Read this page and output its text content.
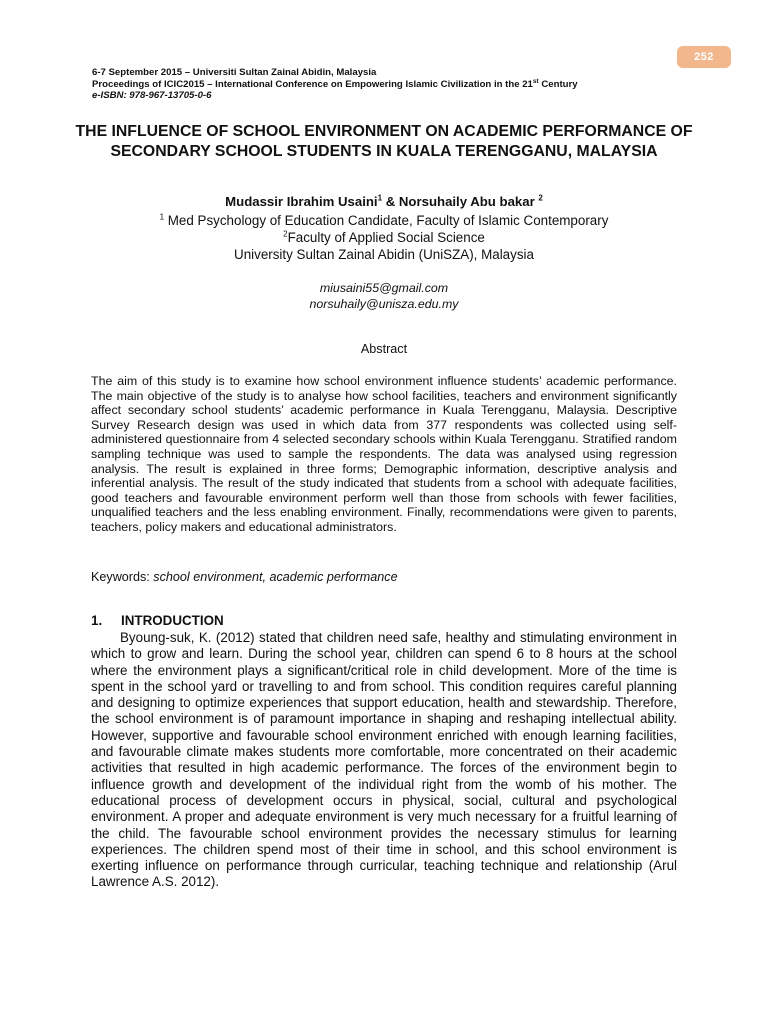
252
6-7 September 2015 – Universiti Sultan Zainal Abidin, Malaysia
Proceedings of ICIC2015 – International Conference on Empowering Islamic Civilization in the 21st Century
e-ISBN: 978-967-13705-0-6
THE INFLUENCE OF SCHOOL ENVIRONMENT ON ACADEMIC PERFORMANCE OF SECONDARY SCHOOL STUDENTS IN KUALA TERENGGANU, MALAYSIA
Mudassir Ibrahim Usaini$^1$ & Norsuhaily Abu bakar $^2$
$^1$ Med Psychology of Education Candidate, Faculty of Islamic Contemporary
$^2$Faculty of Applied Social Science
University Sultan Zainal Abidin (UniSZA), Malaysia
miusaini55@gmail.com
norsuhaily@unisza.edu.my
Abstract
The aim of this study is to examine how school environment influence students’ academic performance. The main objective of the study is to analyse how school facilities, teachers and environment significantly affect secondary school students’ academic performance in Kuala Terengganu, Malaysia. Descriptive Survey Research design was used in which data from 377 respondents was collected using self-administered questionnaire from 4 selected secondary schools within Kuala Terengganu. Stratified random sampling technique was used to sample the respondents. The data was analysed using regression analysis. The result is explained in three forms; Demographic information, descriptive analysis and inferential analysis. The result of the study indicated that students from a school with adequate facilities, good teachers and favourable environment perform well than those from schools with fewer facilities, unqualified teachers and the less enabling environment. Finally, recommendations were given to parents, teachers, policy makers and educational administrators.
Keywords: school environment, academic performance
1. INTRODUCTION
Byoung-suk, K. (2012) stated that children need safe, healthy and stimulating environment in which to grow and learn. During the school year, children can spend 6 to 8 hours at the school where the environment plays a significant/critical role in child development. More of the time is spent in the school yard or travelling to and from school. This condition requires careful planning and designing to optimize experiences that support education, health and stewardship. Therefore, the school environment is of paramount importance in shaping and reshaping intellectual ability. However, supportive and favourable school environment enriched with enough learning facilities, and favourable climate makes students more comfortable, more concentrated on their academic activities that resulted in high academic performance. The forces of the environment begin to influence growth and development of the individual right from the womb of his mother. The educational process of development occurs in physical, social, cultural and psychological environment. A proper and adequate environment is very much necessary for a fruitful learning of the child. The favourable school environment provides the necessary stimulus for learning experiences. The children spend most of their time in school, and this school environment is exerting influence on performance through curricular, teaching technique and relationship (Arul Lawrence A.S. 2012).
